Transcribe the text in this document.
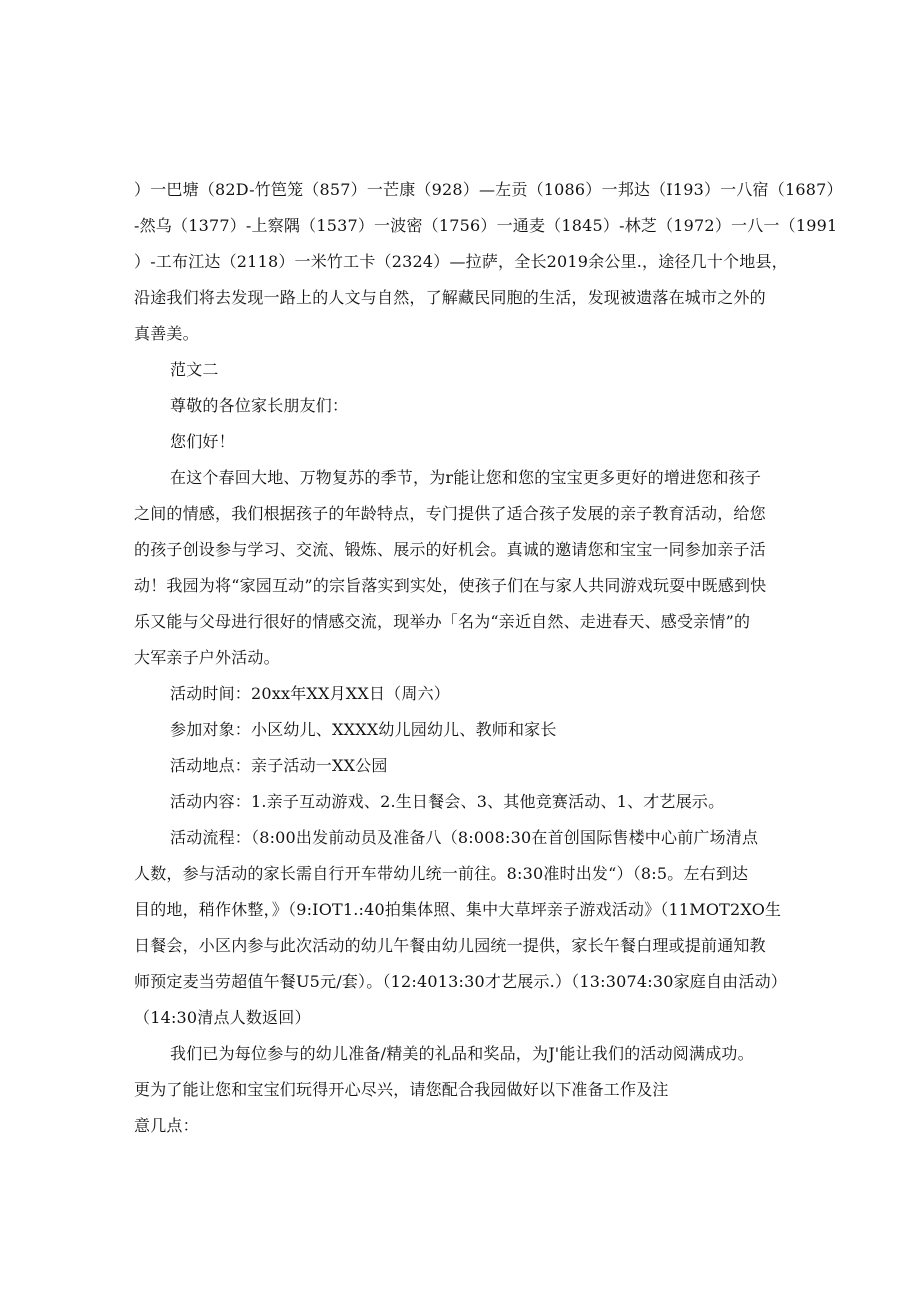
）一巴塘（82D-竹笆笼（857）一芒康（928）—左贡（1086）一邦达（I193）一八宿（1687）
-然乌（1377）-上察隅（1537）一波密（1756）一通麦（1845）-林芝（1972）一八一（1991
）-工布江达（2118）一米竹工卡（2324）—拉萨，全长2019余公里.，途径几十个地县，
沿途我们将去发现一路上的人文与自然，了解藏民同胞的生活，发现被遗落在城市之外的
真善美。
范文二
尊敬的各位家长朋友们：
您们好！
在这个春回大地、万物复苏的季节，为r能让您和您的宝宝更多更好的增进您和孩子
之间的情感，我们根据孩子的年龄特点，专门提供了适合孩子发展的亲子教育活动，给您
的孩子创设参与学习、交流、锻炼、展示的好机会。真诚的邀请您和宝宝一同参加亲子活
动！我园为将“家园互动”的宗旨落实到实处，使孩子们在与家人共同游戏玩耍中既感到快
乐又能与父母进行很好的情感交流，现举办「名为“亲近自然、走进春天、感受亲情”的
大军亲子户外活动。
活动时间：20xx年XX月XX日（周六）
参加对象：小区幼儿、XXXX幼儿园幼儿、教师和家长
活动地点：亲子活动一XX公园
活动内容：1.亲子互动游戏、2.生日餐会、3、其他竞赛活动、1、才艺展示。
活动流程：（8:00出发前动员及准备八（8:008:30在首创国际售楼中心前广场清点
人数，参与活动的家长需自行开车带幼儿统一前往。8:30准时出发“）（8:5。左右到达
目的地，稍作休整，》（9:IOT1.:40拍集体照、集中大草坪亲子游戏活动》（11MOT2XO生
日餐会，小区内参与此次活动的幼儿午餐由幼儿园统一提供，家长午餐白理或提前通知教
师预定麦当劳超值午餐U5元/套）。（12:4013:30才艺展示.）（13:3074:30家庭自由活动）
（14:30清点人数返回）
我们已为每位参与的幼儿准备/精美的礼品和奖品，为J'能让我们的活动阅满成功。
更为了能让您和宝宝们玩得开心尽兴，请您配合我园做好以下准备工作及注
意几点：
